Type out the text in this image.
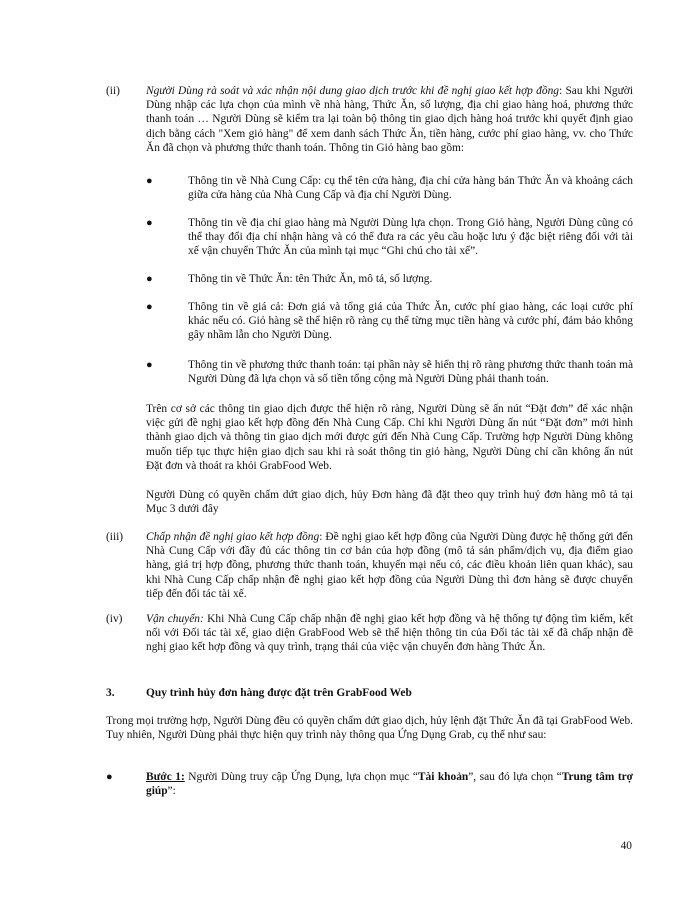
(ii) Người Dùng rà soát và xác nhận nội dung giao dịch trước khi đề nghị giao kết hợp đồng: Sau khi Người Dùng nhập các lựa chọn của mình về nhà hàng, Thức Ăn, số lượng, địa chỉ giao hàng hoá, phương thức thanh toán … Người Dùng sẽ kiểm tra lại toàn bộ thông tin giao dịch hàng hoá trước khi quyết định giao dịch bằng cách "Xem giỏ hàng" để xem danh sách Thức Ăn, tiền hàng, cước phí giao hàng, vv. cho Thức Ăn đã chọn và phương thức thanh toán. Thông tin Giỏ hàng bao gồm:

●	Thông tin về Nhà Cung Cấp: cụ thể tên cửa hàng, địa chỉ cửa hàng bán Thức Ăn và khoảng cách giữa cửa hàng của Nhà Cung Cấp và địa chỉ Người Dùng.

●	Thông tin về địa chỉ giao hàng mà Người Dùng lựa chọn. Trong Giỏ hàng, Người Dùng cũng có thể thay đổi địa chỉ nhận hàng và có thể đưa ra các yêu cầu hoặc lưu ý đặc biệt riêng đối với tài xế vận chuyển Thức Ăn của mình tại mục “Ghi chú cho tài xế”.

●	Thông tin về Thức Ăn: tên Thức Ăn, mô tả, số lượng.

●	Thông tin về giá cả: Đơn giá và tổng giá của Thức Ăn, cước phí giao hàng, các loại cước phí khác nếu có. Giỏ hàng sẽ thể hiện rõ ràng cụ thể từng mục tiền hàng và cước phí, đảm bảo không gây nhầm lẫn cho Người Dùng.

●	Thông tin về phương thức thanh toán: tại phần này sẽ hiển thị rõ ràng phương thức thanh toán mà Người Dùng đã lựa chọn và số tiền tổng cộng mà Người Dùng phải thanh toán.

Trên cơ sở các thông tin giao dịch được thể hiện rõ ràng, Người Dùng sẽ ấn nút “Đặt đơn” để xác nhận việc gửi đề nghị giao kết hợp đồng đến Nhà Cung Cấp. Chỉ khi Người Dùng ấn nút “Đặt đơn” mới hình thành giao dịch và thông tin giao dịch mới được gửi đến Nhà Cung Cấp. Trường hợp Người Dùng không muốn tiếp tục thực hiện giao dịch sau khi rà soát thông tin giỏ hàng, Người Dùng chỉ cần không ấn nút Đặt đơn và thoát ra khỏi GrabFood Web.

Người Dùng có quyền chấm dứt giao dịch, hủy Đơn hàng đã đặt theo quy trình huỷ đơn hàng mô tả tại Mục 3 dưới đây

(iii) Chấp nhận đề nghị giao kết hợp đồng: Đề nghị giao kết hợp đồng của Người Dùng được hệ thống gửi đến Nhà Cung Cấp với đầy đủ các thông tin cơ bản của hợp đồng (mô tả sản phẩm/dịch vụ, địa điểm giao hàng, giá trị hợp đồng, phương thức thanh toán, khuyến mại nếu có, các điều khoản liên quan khác), sau khi Nhà Cung Cấp chấp nhận đề nghị giao kết hợp đồng của Người Dùng thì đơn hàng sẽ được chuyển tiếp đến đối tác tài xế.

(iv) Vận chuyển: Khi Nhà Cung Cấp chấp nhận đề nghị giao kết hợp đồng và hệ thống tự động tìm kiếm, kết nối với Đối tác tài xế, giao diện GrabFood Web sẽ thể hiện thông tin của Đối tác tài xế đã chấp nhận đề nghị giao kết hợp đồng và quy trình, trạng thái của việc vận chuyển đơn hàng Thức Ăn.

3.	Quy trình hủy đơn hàng được đặt trên GrabFood Web

Trong mọi trường hợp, Người Dùng đều có quyền chấm dứt giao dịch, hủy lệnh đặt Thức Ăn đã tại GrabFood Web. Tuy nhiên, Người Dùng phải thực hiện quy trình này thông qua Ứng Dụng Grab, cụ thể như sau:

●	Bước 1: Người Dùng truy cập Ứng Dụng, lựa chọn mục “Tài khoản”, sau đó lựa chọn “Trung tâm trợ giúp”:

40
